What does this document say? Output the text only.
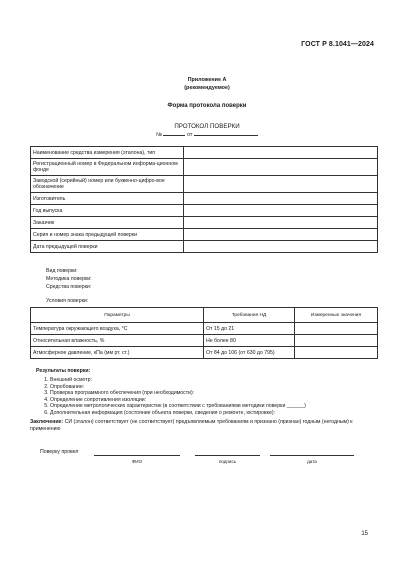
ГОСТ Р 8.1041—2024
Приложение А
(рекомендуемое)
Форма протокола поверки
ПРОТОКОЛ ПОВЕРКИ
№	от
Наименование средства измерения (эталона), тип	
Регистрационный номер в Федеральном информа-ционном фонде	
Заводской (серийный) номер или буквенно-цифро-вое обозначение	
Изготовитель	
Год выпуска	
Заказчик	
Серия и номер знака предыдущей поверки	
Дата предыдущей поверки	
Вид поверки:
Методика поверки:
Средства поверки:
Условия поверки:
Параметры	Требования НД	Измеренные значения
Температура окружающего воздуха, °С	От 15 до 21	
Относительная влажность, %	Не более 80	
Атмосферное давление, кПа (мм рт. ст.)	От 84 до 106 (от 630 до 795)	
Результаты поверки:
1. Внешний осмотр:
2. Опробование:
3. Проверка программного обеспечения (при необходимости):
4. Определение сопротивления изоляции:
5. Определение метрологических характеристик (в соответствии с требованиями методики поверки ______)
6. Дополнительная информация (состояние объекта поверки, сведения о ремонте, юстировке):
Заключение: СИ (эталон) соответствует (не соответствует) предъявляемым требованиям и признано (признан) годным (негодным) к применению
Поверку провел
ФИО	подпись	дата
15
